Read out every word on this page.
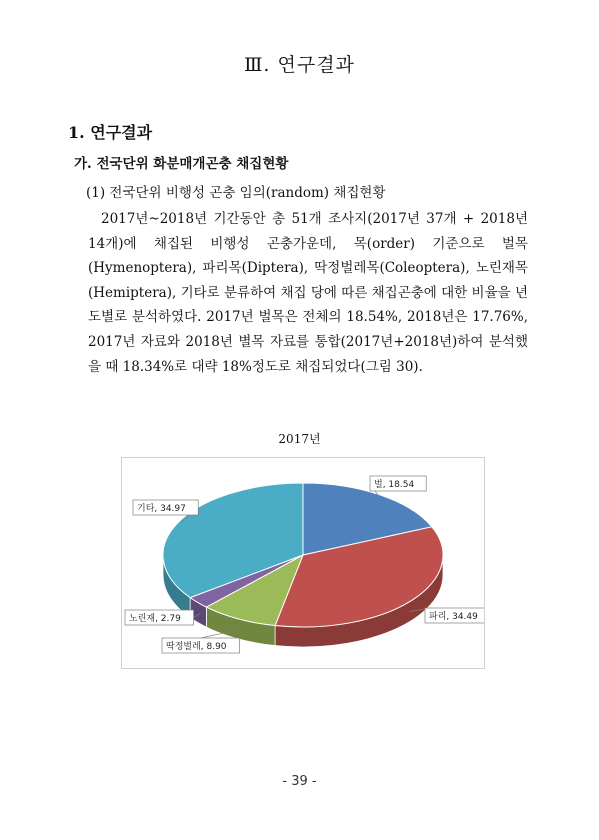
Ⅲ. 연구결과
1. 연구결과
가. 전국단위 화분매개곤충 채집현황
(1) 전국단위 비행성 곤충 임의(random) 채집현황
2017년~2018년 기간동안 총 51개 조사지(2017년 37개 + 2018년 14개)에 채집된 비행성 곤충가운데, 목(order) 기준으로 벌목(Hymenoptera), 파리목(Diptera), 딱정벌레목(Coleoptera), 노린재목(Hemiptera), 기타로 분류하여 채집 당에 따른 채집곤충에 대한 비율을 년도별로 분석하였다. 2017년 벌목은 전체의 18.54%, 2018년은 17.76%, 2017년 자료와 2018년 별목 자료를 통합(2017년+2018년)하여 분석했을 때 18.34%로 대략 18%정도로 채집되었다(그림 30).
2017년
벌, 18.54
파리, 34.49
딱정벌레, 8.90
노린재, 2.79
기타, 34.97
- 39 -
